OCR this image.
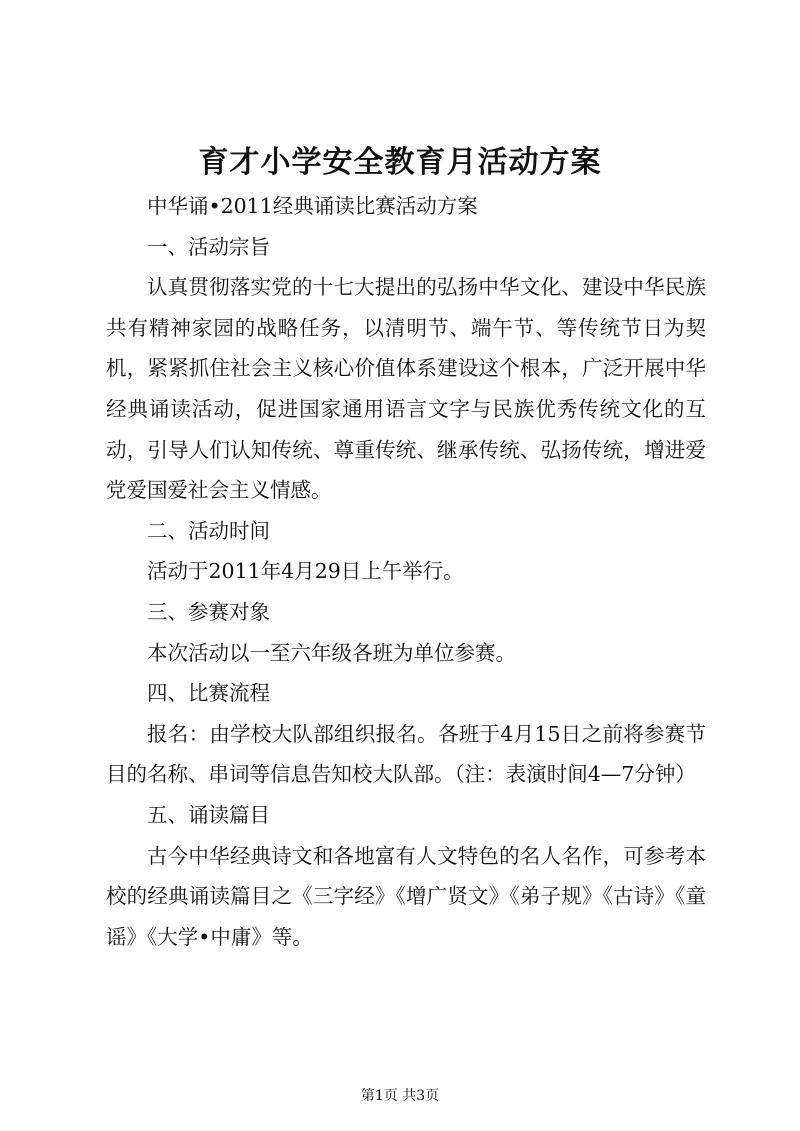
育才小学安全教育月活动方案

中华诵•2011经典诵读比赛活动方案

一、活动宗旨

认真贯彻落实党的十七大提出的弘扬中华文化、建设中华民族共有精神家园的战略任务，以清明节、端午节、等传统节日为契机，紧紧抓住社会主义核心价值体系建设这个根本，广泛开展中华经典诵读活动，促进国家通用语言文字与民族优秀传统文化的互动，引导人们认知传统、尊重传统、继承传统、弘扬传统，增进爱党爱国爱社会主义情感。

二、活动时间

活动于2011年4月29日上午举行。

三、参赛对象

本次活动以一至六年级各班为单位参赛。

四、比赛流程

报名：由学校大队部组织报名。各班于4月15日之前将参赛节目的名称、串词等信息告知校大队部。（注：表演时间4—7分钟）

五、诵读篇目

古今中华经典诗文和各地富有人文特色的名人名作，可参考本校的经典诵读篇目之《三字经》《增广贤文》《弟子规》《古诗》《童谣》《大学•中庸》等。

第1页 共3页
